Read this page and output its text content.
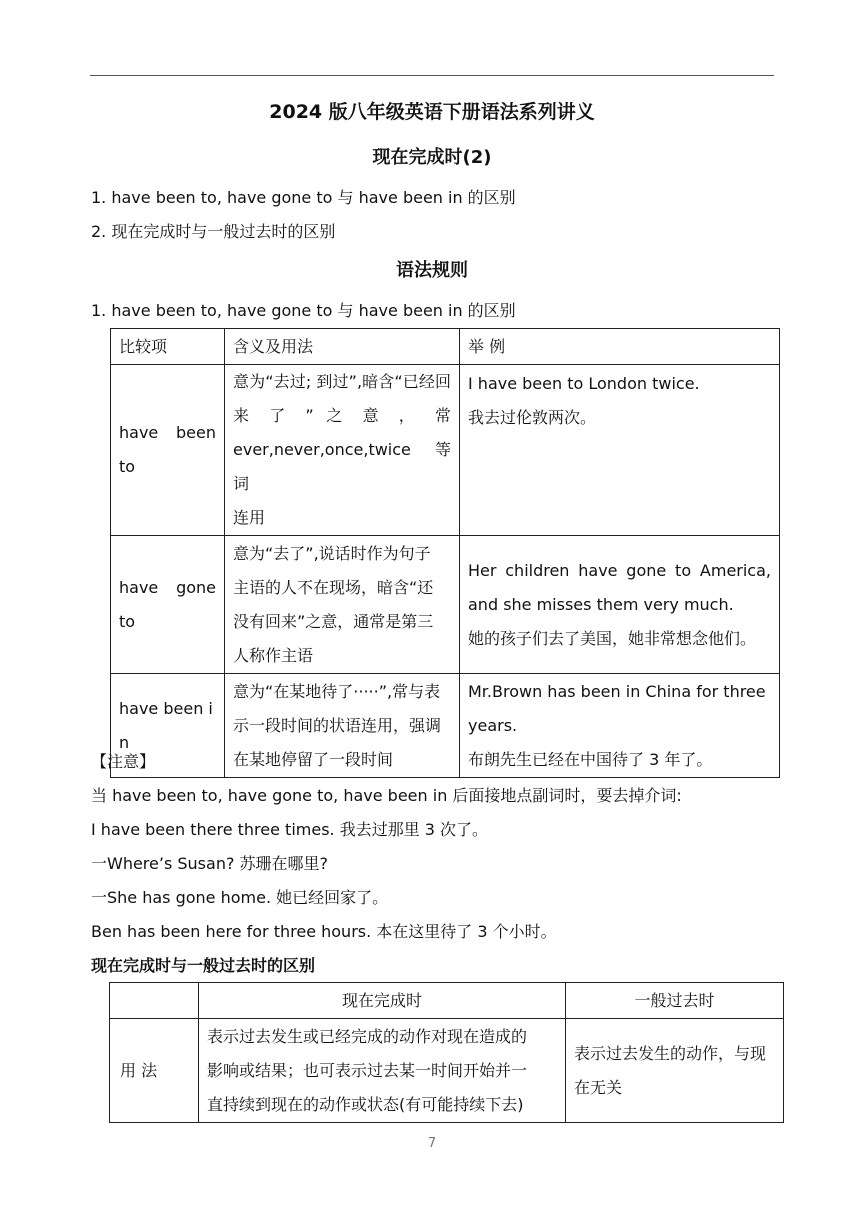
2024 版八年级英语下册语法系列讲义
现在完成时(2)
1. have been to, have gone to 与 have been in 的区别
2. 现在完成时与一般过去时的区别
语法规则
1. have been to, have gone to 与 have been in 的区别
比较项	含义及用法	举 例

have been
to	意为“去过; 到过”,暗含“已经回
来 了 ” 之 意 ， 常
ever,never,once,twice 等 词
连用	I have been to London twice.
我去过伦敦两次。

have gone
to	意为“去了”,说话时作为句子
主语的人不在现场，暗含“还
没有回来”之意，通常是第三
人称作主语	Her children have gone to America,
and she misses them very much.
她的孩子们去了美国，她非常想念他们。

have been in	意为“在某地待了·····”,常与表
示一段时间的状语连用，强调
在某地停留了一段时间	Mr.Brown has been in China for three
years.
布朗先生已经在中国待了 3 年了。
【注意】
当 have been to, have gone to, have been in 后面接地点副词时，要去掉介词:
I have been there three times. 我去过那里 3 次了。
一Where’s Susan? 苏珊在哪里?
一She has gone home. 她已经回家了。
Ben has been here for three hours. 本在这里待了 3 个小时。
现在完成时与一般过去时的区别
	现在完成时	一般过去时
用 法	表示过去发生或已经完成的动作对现在造成的
影响或结果；也可表示过去某一时间开始并一
直持续到现在的动作或状态(有可能持续下去)	表示过去发生的动作，与现
在无关
7
